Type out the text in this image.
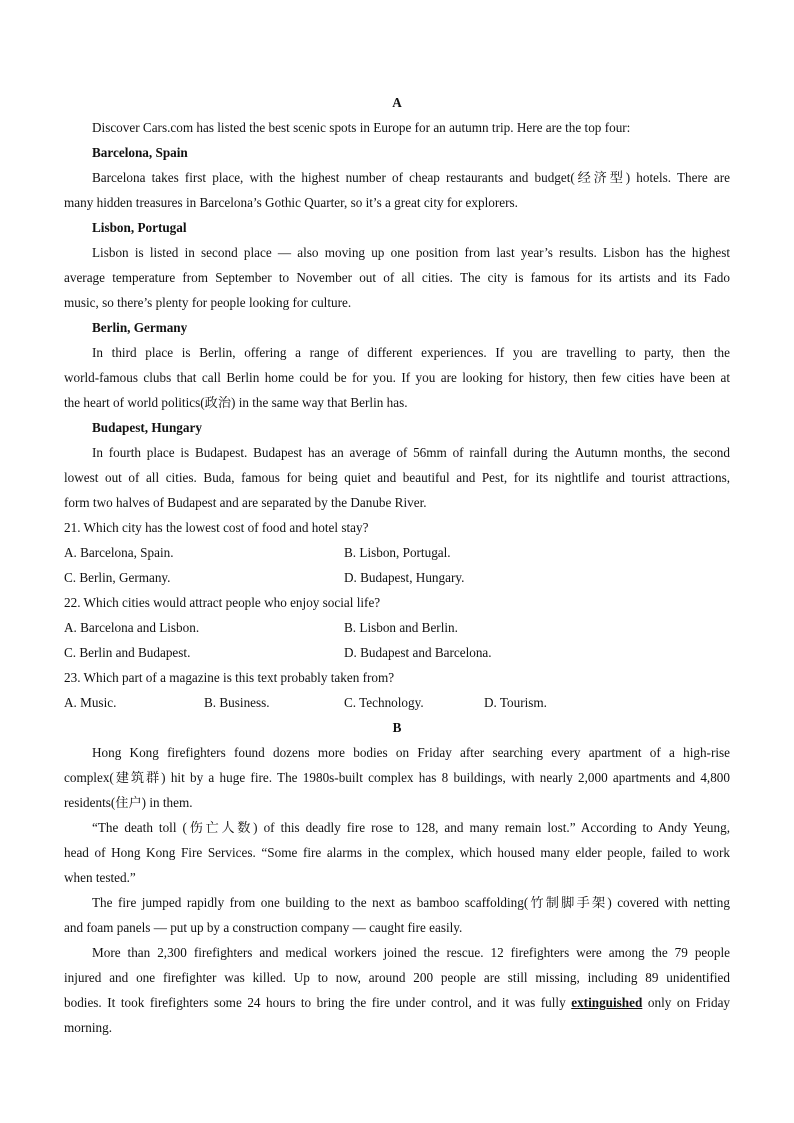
A
Discover Cars.com has listed the best scenic spots in Europe for an autumn trip. Here are the top four:
Barcelona, Spain
Barcelona takes first place, with the highest number of cheap restaurants and budget(经济型) hotels. There are
many hidden treasures in Barcelona’s Gothic Quarter, so it’s a great city for explorers.
Lisbon, Portugal
Lisbon is listed in second place — also moving up one position from last year’s results. Lisbon has the highest
average temperature from September to November out of all cities. The city is famous for its artists and its Fado
music, so there’s plenty for people looking for culture.
Berlin, Germany
In third place is Berlin, offering a range of different experiences. If you are travelling to party, then the
world-famous clubs that call Berlin home could be for you. If you are looking for history, then few cities have been at
the heart of world politics(政治) in the same way that Berlin has.
Budapest, Hungary
In fourth place is Budapest. Budapest has an average of 56mm of rainfall during the Autumn months, the second
lowest out of all cities. Buda, famous for being quiet and beautiful and Pest, for its nightlife and tourist attractions,
form two halves of Budapest and are separated by the Danube River.
21. Which city has the lowest cost of food and hotel stay?
A. Barcelona, Spain.	B. Lisbon, Portugal.
C. Berlin, Germany.	D. Budapest, Hungary.
22. Which cities would attract people who enjoy social life?
A. Barcelona and Lisbon.	B. Lisbon and Berlin.
C. Berlin and Budapest.	D. Budapest and Barcelona.
23. Which part of a magazine is this text probably taken from?
A. Music.	B. Business.	C. Technology.	D. Tourism.
B
Hong Kong firefighters found dozens more bodies on Friday after searching every apartment of a high-rise
complex(建筑群) hit by a huge fire. The 1980s-built complex has 8 buildings, with nearly 2,000 apartments and 4,800
residents(住户) in them.
“The death toll (伤亡人数) of this deadly fire rose to 128, and many remain lost.” According to Andy Yeung,
head of Hong Kong Fire Services. “Some fire alarms in the complex, which housed many elder people, failed to work
when tested.”
The fire jumped rapidly from one building to the next as bamboo scaffolding(竹制脚手架) covered with netting
and foam panels — put up by a construction company — caught fire easily.
More than 2,300 firefighters and medical workers joined the rescue. 12 firefighters were among the 79 people
injured and one firefighter was killed. Up to now, around 200 people are still missing, including 89 unidentified
bodies. It took firefighters some 24 hours to bring the fire under control, and it was fully extinguished only on Friday
morning.
